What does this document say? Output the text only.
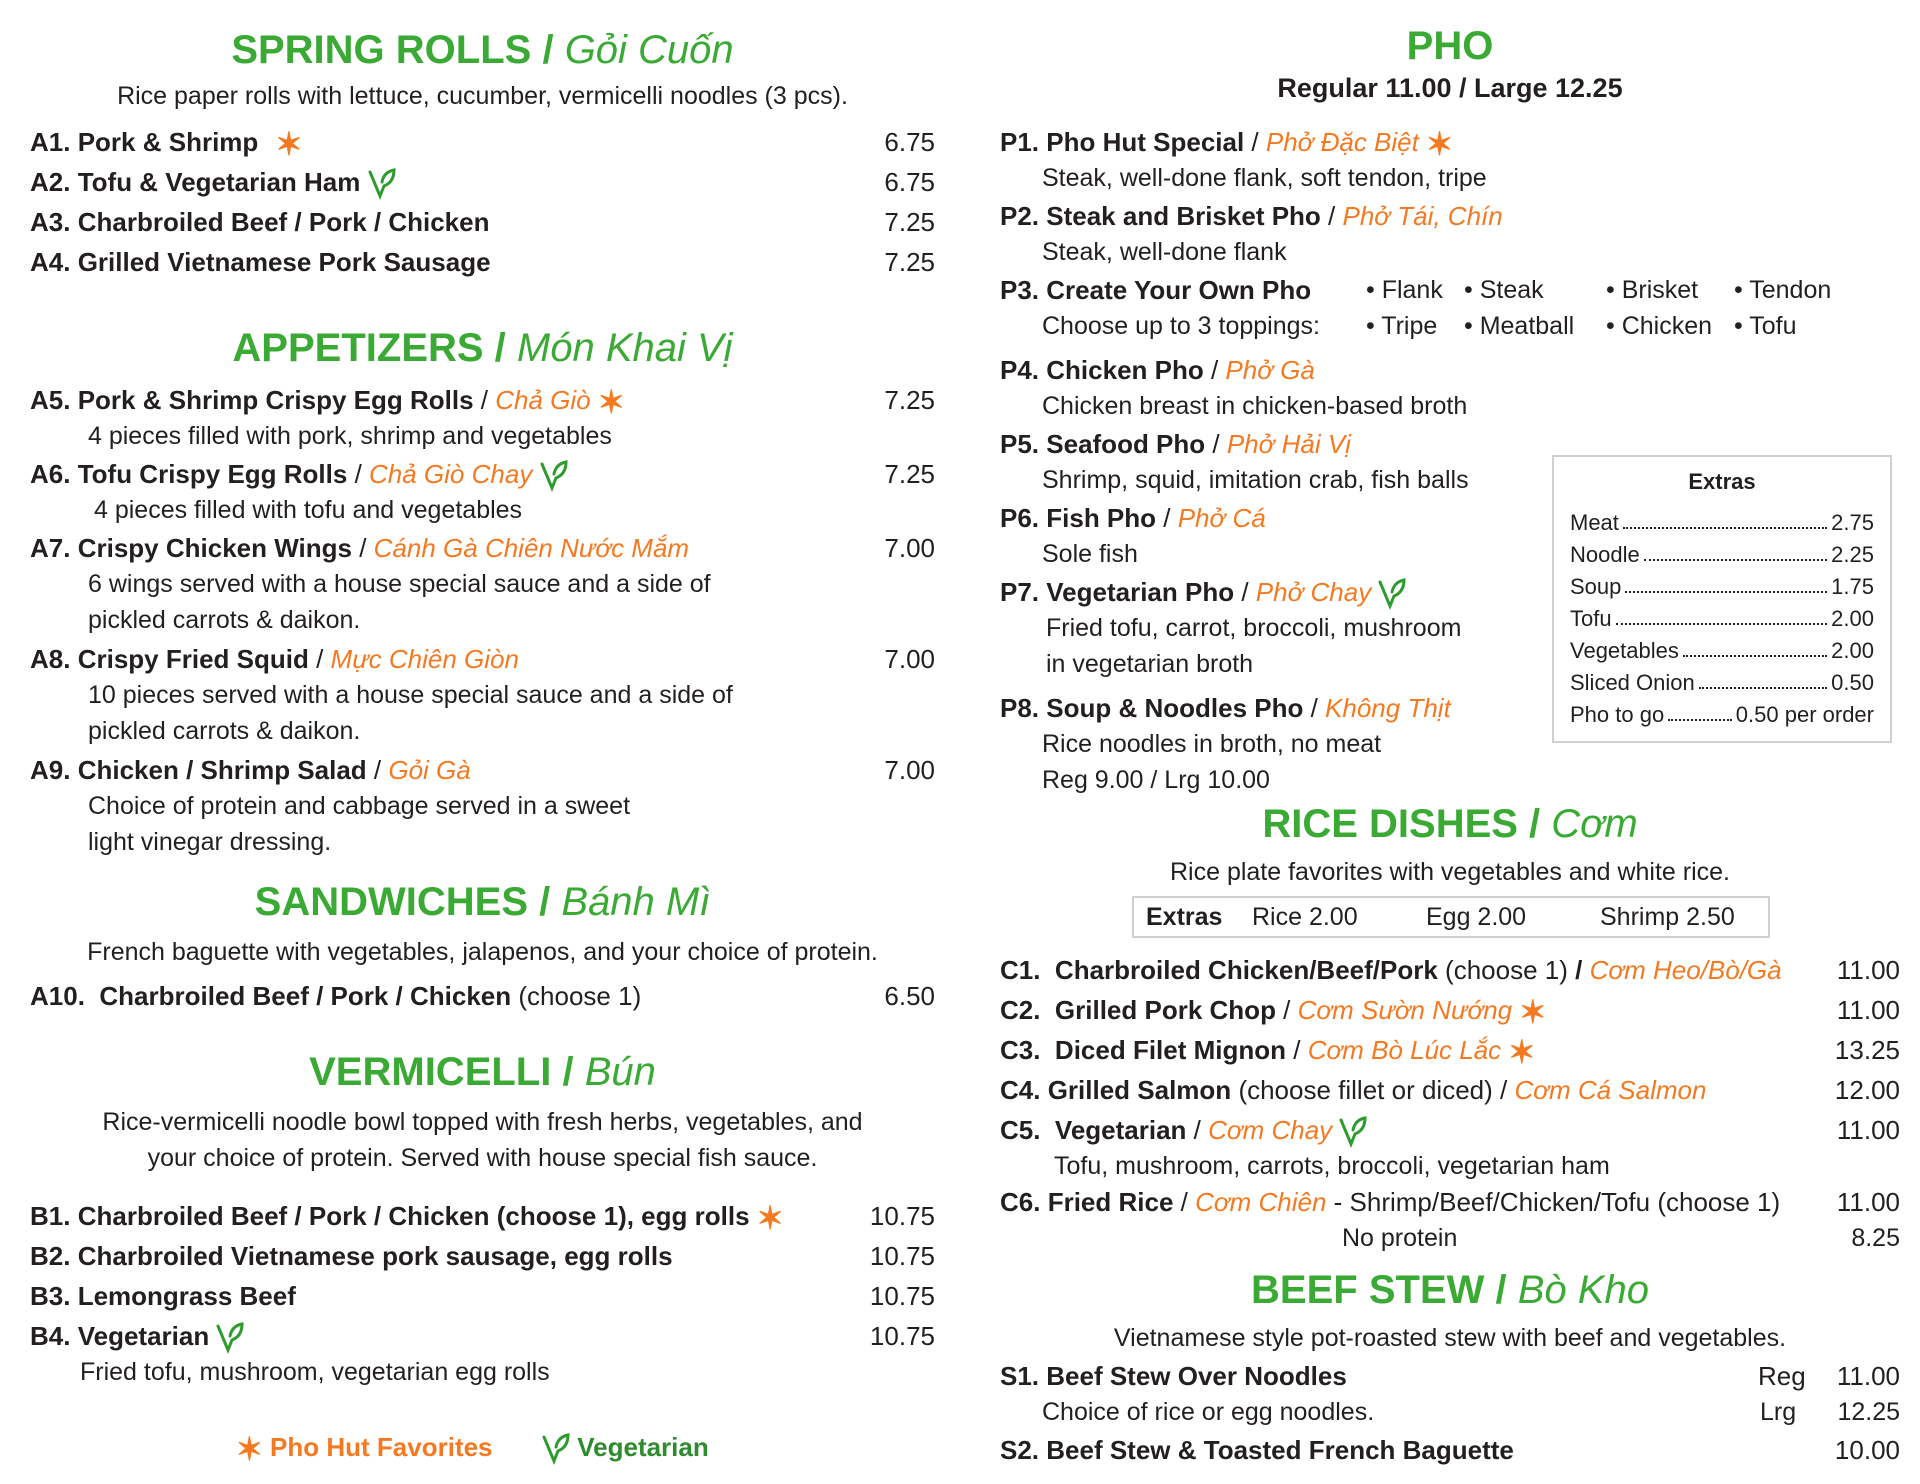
SPRING ROLLS / Gỏi Cuốn
Rice paper rolls with lettuce, cucumber, vermicelli noodles (3 pcs).
A1. Pork & Shrimp ✶	6.75
A2. Tofu & Vegetarian Ham	6.75
A3. Charbroiled Beef / Pork / Chicken	7.25
A4. Grilled Vietnamese Pork Sausage	7.25
APPETIZERS / Món Khai Vị
A5. Pork & Shrimp Crispy Egg Rolls / Chả Giò ✶	7.25
4 pieces filled with pork, shrimp and vegetables
A6. Tofu Crispy Egg Rolls / Chả Giò Chay	7.25
4 pieces filled with tofu and vegetables
A7. Crispy Chicken Wings / Cánh Gà Chiên Nước Mắm	7.00
6 wings served with a house special sauce and a side of
pickled carrots & daikon.
A8. Crispy Fried Squid / Mực Chiên Giòn	7.00
10 pieces served with a house special sauce and a side of
pickled carrots & daikon.
A9. Chicken / Shrimp Salad / Gỏi Gà	7.00
Choice of protein and cabbage served in a sweet
light vinegar dressing.
SANDWICHES / Bánh Mì
French baguette with vegetables, jalapenos, and your choice of protein.
A10. Charbroiled Beef / Pork / Chicken (choose 1)	6.50
VERMICELLI / Bún
Rice-vermicelli noodle bowl topped with fresh herbs, vegetables, and
your choice of protein. Served with house special fish sauce.
B1. Charbroiled Beef / Pork / Chicken (choose 1), egg rolls ✶	10.75
B2. Charbroiled Vietnamese pork sausage, egg rolls	10.75
B3. Lemongrass Beef	10.75
B4. Vegetarian	10.75
Fried tofu, mushroom, vegetarian egg rolls
✶ Pho Hut Favorites	Vegetarian
PHO
Regular 11.00 / Large 12.25
P1. Pho Hut Special / Phở Đặc Biệt ✶
Steak, well-done flank, soft tendon, tripe
P2. Steak and Brisket Pho / Phở Tái, Chín
Steak, well-done flank
P3. Create Your Own Pho
Choose up to 3 toppings:
• Flank • Steak • Brisket • Tendon
• Tripe • Meatball • Chicken • Tofu
P4. Chicken Pho / Phở Gà
Chicken breast in chicken-based broth
P5. Seafood Pho / Phở Hải Vị
Shrimp, squid, imitation crab, fish balls
P6. Fish Pho / Phở Cá
Sole fish
P7. Vegetarian Pho / Phở Chay
Fried tofu, carrot, broccoli, mushroom
in vegetarian broth
P8. Soup & Noodles Pho / Không Thịt
Rice noodles in broth, no meat
Reg 9.00 / Lrg 10.00
RICE DISHES / Cơm
Rice plate favorites with vegetables and white rice.
C1. Charbroiled Chicken/Beef/Pork (choose 1) / Cơm Heo/Bò/Gà 11.00
C2. Grilled Pork Chop / Cơm Sườn Nướng ✶	11.00
C3. Diced Filet Mignon / Cơm Bò Lúc Lắc ✶	13.25
C4. Grilled Salmon (choose fillet or diced) / Cơm Cá Salmon	12.00
C5. Vegetarian / Cơm Chay	11.00
Tofu, mushroom, carrots, broccoli, vegetarian ham
C6. Fried Rice / Cơm Chiên - Shrimp/Beef/Chicken/Tofu (choose 1) 11.00
No protein	8.25
BEEF STEW / Bò Kho
Vietnamese style pot-roasted stew with beef and vegetables.
S1. Beef Stew Over Noodles	Reg 11.00
Choice of rice or egg noodles.	Lrg 12.25
S2. Beef Stew & Toasted French Baguette	10.00
Extras
Meat	2.75
Noodle	2.25
Soup	1.75
Tofu	2.00
Vegetables	2.00
Sliced Onion	0.50
Pho to go	0.50 per order
Extras Rice 2.00	Egg 2.00	Shrimp 2.50
